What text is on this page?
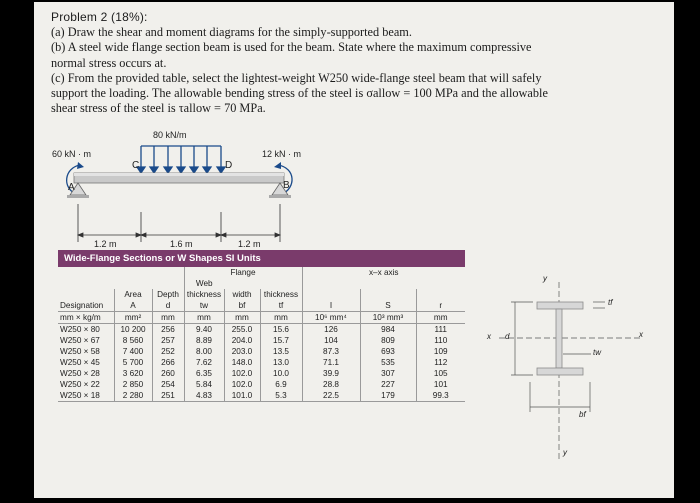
Problem 2 (18%):
(a) Draw the shear and moment diagrams for the simply-supported beam.
(b) A steel wide flange section beam is used for the beam. State where the maximum compressive
normal stress occurs at.
(c) From the provided table, select the lightest-weight W250 wide-flange steel beam that will safely
support the loading. The allowable bending stress of the steel is σallow = 100 MPa and the allowable
shear stress of the steel is τallow = 70 MPa.
80 kN/m
60 kN · m	12 kN · m
A	B
C	D
1.2 m	1.6 m	1.2 m
Wide-Flange Sections or W Shapes SI Units
			Flange			x–x axis		
			Web					
	Area	Depth	thickness	width	thickness			
Designation	A	d	tw	bf	tf	I	S	r
mm × kg/m	mm²	mm	mm	mm	mm	10⁶ mm⁴	10³ mm³	mm
W250 × 80	10 200	256	9.40	255.0	15.6	126	984	111
W250 × 67	8 560	257	8.89	204.0	15.7	104	809	110
W250 × 58	7 400	252	8.00	203.0	13.5	87.3	693	109
W250 × 45	5 700	266	7.62	148.0	13.0	71.1	535	112
W250 × 28	3 620	260	6.35	102.0	10.0	39.9	307	105
W250 × 22	2 850	254	5.84	102.0	6.9	28.8	227	101
W250 × 18	2 280	251	4.83	101.0	5.3	22.5	179	99.3
y
y
x	x
d
tf
tw
bf
